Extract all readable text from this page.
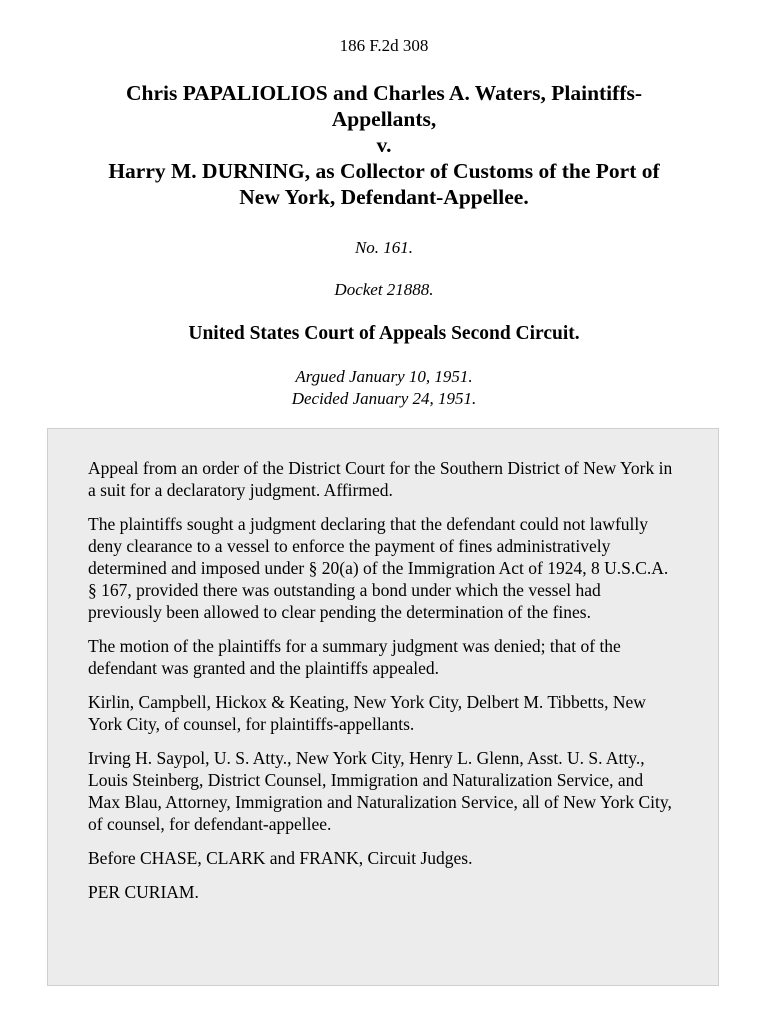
186 F.2d 308
Chris PAPALIOLIOS and Charles A. Waters, Plaintiffs-
Appellants,
v.
Harry M. DURNING, as Collector of Customs of the Port of
New York, Defendant-Appellee.
No. 161.
Docket 21888.
United States Court of Appeals Second Circuit.
Argued January 10, 1951.
Decided January 24, 1951.

Appeal from an order of the District Court for the Southern District of New York in a suit for a declaratory judgment. Affirmed.

The plaintiffs sought a judgment declaring that the defendant could not lawfully deny clearance to a vessel to enforce the payment of fines administratively determined and imposed under § 20(a) of the Immigration Act of 1924, 8 U.S.C.A. § 167, provided there was outstanding a bond under which the vessel had previously been allowed to clear pending the determination of the fines.

The motion of the plaintiffs for a summary judgment was denied; that of the defendant was granted and the plaintiffs appealed.

Kirlin, Campbell, Hickox & Keating, New York City, Delbert M. Tibbetts, New York City, of counsel, for plaintiffs-appellants.

Irving H. Saypol, U. S. Atty., New York City, Henry L. Glenn, Asst. U. S. Atty., Louis Steinberg, District Counsel, Immigration and Naturalization Service, and Max Blau, Attorney, Immigration and Naturalization Service, all of New York City, of counsel, for defendant-appellee.

Before CHASE, CLARK and FRANK, Circuit Judges.

PER CURIAM.
